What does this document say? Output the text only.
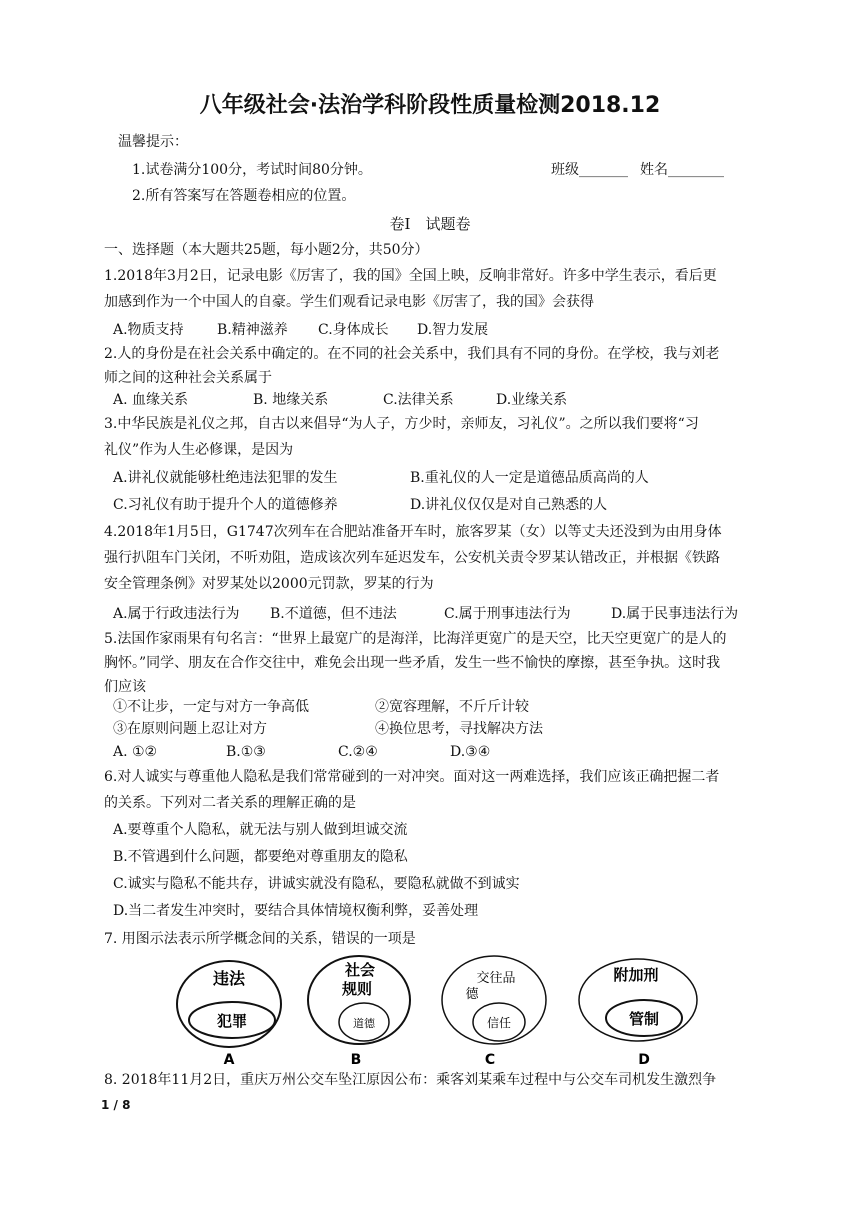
八年级社会·法治学科阶段性质量检测2018.12
温馨提示：
1.试卷满分100分，考试时间80分钟。	班级_______ 姓名________
2.所有答案写在答题卷相应的位置。
卷Ⅰ　试题卷
一、选择题（本大题共25题，每小题2分，共50分）
1.2018年3月2日，记录电影《厉害了，我的国》全国上映，反响非常好。许多中学生表示，看后更
加感到作为一个中国人的自豪。学生们观看记录电影《厉害了，我的国》会获得
A.物质支持 B.精神滋养 C.身体成长 D.智力发展
2.人的身份是在社会关系中确定的。在不同的社会关系中，我们具有不同的身份。在学校，我与刘老
师之间的这种社会关系属于
A. 血缘关系	B. 地缘关系	C.法律关系	D.业缘关系
3.中华民族是礼仪之邦，自古以来倡导“为人子，方少时，亲师友，习礼仪”。之所以我们要将“习
礼仪”作为人生必修课，是因为
A.讲礼仪就能够杜绝违法犯罪的发生	B.重礼仪的人一定是道德品质高尚的人
C.习礼仪有助于提升个人的道德修养	D.讲礼仪仅仅是对自己熟悉的人
4.2018年1月5日，G1747次列车在合肥站准备开车时，旅客罗某（女）以等丈夫还没到为由用身体
强行扒阻车门关闭，不听劝阻，造成该次列车延迟发车，公安机关责令罗某认错改正，并根据《铁路
安全管理条例》对罗某处以2000元罚款，罗某的行为
A.属于行政违法行为 B.不道德，但不违法	C.属于刑事违法行为	D.属于民事违法行为
5.法国作家雨果有句名言：“世界上最宽广的是海洋，比海洋更宽广的是天空，比天空更宽广的是人的
胸怀。”同学、朋友在合作交往中，难免会出现一些矛盾，发生一些不愉快的摩擦，甚至争执。这时我
们应该
①不让步，一定与对方一争高低	②宽容理解，不斤斤计较
③在原则问题上忍让对方	④换位思考，寻找解决方法
A. ①②	B.①③	C.②④	D.③④
6.对人诚实与尊重他人隐私是我们常常碰到的一对冲突。面对这一两难选择，我们应该正确把握二者
的关系。下列对二者关系的理解正确的是
A.要尊重个人隐私，就无法与别人做到坦诚交流
B.不管遇到什么问题，都要绝对尊重朋友的隐私
C.诚实与隐私不能共存，讲诚实就没有隐私，要隐私就做不到诚实
D.当二者发生冲突时，要结合具体情境权衡利弊，妥善处理
7. 用图示法表示所学概念间的关系，错误的一项是
违法
犯罪
A
社会
规则
道德
B
交往品
德
信任
C
附加刑
管制
D
8. 2018年11月2日，重庆万州公交车坠江原因公布：乘客刘某乘车过程中与公交车司机发生激烈争
1 / 8
